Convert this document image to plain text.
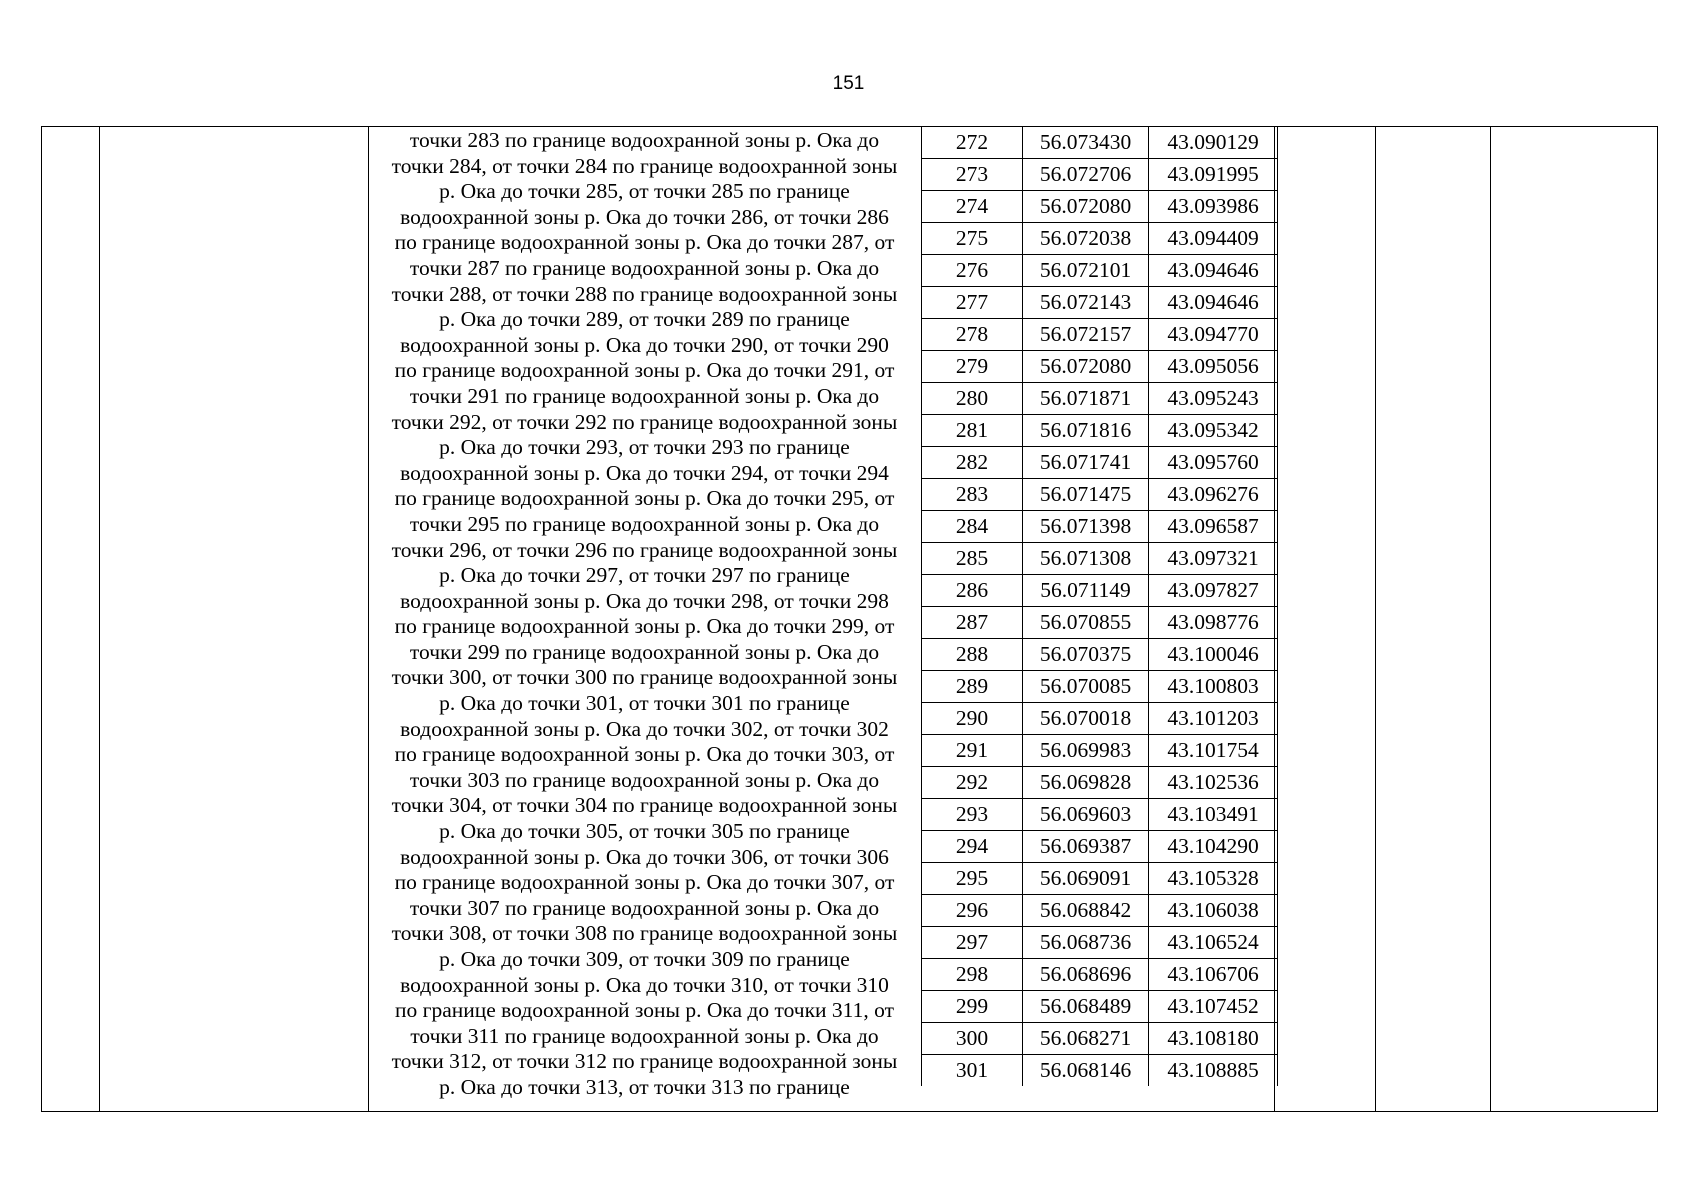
151
точки 283 по границе водоохранной зоны р. Ока до
точки 284, от точки 284 по границе водоохранной зоны
р. Ока до точки 285, от точки 285 по границе
водоохранной зоны р. Ока до точки 286, от точки 286
по границе водоохранной зоны р. Ока до точки 287, от
точки 287 по границе водоохранной зоны р. Ока до
точки 288, от точки 288 по границе водоохранной зоны
р. Ока до точки 289, от точки 289 по границе
водоохранной зоны р. Ока до точки 290, от точки 290
по границе водоохранной зоны р. Ока до точки 291, от
точки 291 по границе водоохранной зоны р. Ока до
точки 292, от точки 292 по границе водоохранной зоны
р. Ока до точки 293, от точки 293 по границе
водоохранной зоны р. Ока до точки 294, от точки 294
по границе водоохранной зоны р. Ока до точки 295, от
точки 295 по границе водоохранной зоны р. Ока до
точки 296, от точки 296 по границе водоохранной зоны
р. Ока до точки 297, от точки 297 по границе
водоохранной зоны р. Ока до точки 298, от точки 298
по границе водоохранной зоны р. Ока до точки 299, от
точки 299 по границе водоохранной зоны р. Ока до
точки 300, от точки 300 по границе водоохранной зоны
р. Ока до точки 301, от точки 301 по границе
водоохранной зоны р. Ока до точки 302, от точки 302
по границе водоохранной зоны р. Ока до точки 303, от
точки 303 по границе водоохранной зоны р. Ока до
точки 304, от точки 304 по границе водоохранной зоны
р. Ока до точки 305, от точки 305 по границе
водоохранной зоны р. Ока до точки 306, от точки 306
по границе водоохранной зоны р. Ока до точки 307, от
точки 307 по границе водоохранной зоны р. Ока до
точки 308, от точки 308 по границе водоохранной зоны
р. Ока до точки 309, от точки 309 по границе
водоохранной зоны р. Ока до точки 310, от точки 310
по границе водоохранной зоны р. Ока до точки 311, от
точки 311 по границе водоохранной зоны р. Ока до
точки 312, от точки 312 по границе водоохранной зоны
р. Ока до точки 313, от точки 313 по границе
272	56.073430	43.090129
273	56.072706	43.091995
274	56.072080	43.093986
275	56.072038	43.094409
276	56.072101	43.094646
277	56.072143	43.094646
278	56.072157	43.094770
279	56.072080	43.095056
280	56.071871	43.095243
281	56.071816	43.095342
282	56.071741	43.095760
283	56.071475	43.096276
284	56.071398	43.096587
285	56.071308	43.097321
286	56.071149	43.097827
287	56.070855	43.098776
288	56.070375	43.100046
289	56.070085	43.100803
290	56.070018	43.101203
291	56.069983	43.101754
292	56.069828	43.102536
293	56.069603	43.103491
294	56.069387	43.104290
295	56.069091	43.105328
296	56.068842	43.106038
297	56.068736	43.106524
298	56.068696	43.106706
299	56.068489	43.107452
300	56.068271	43.108180
301	56.068146	43.108885
